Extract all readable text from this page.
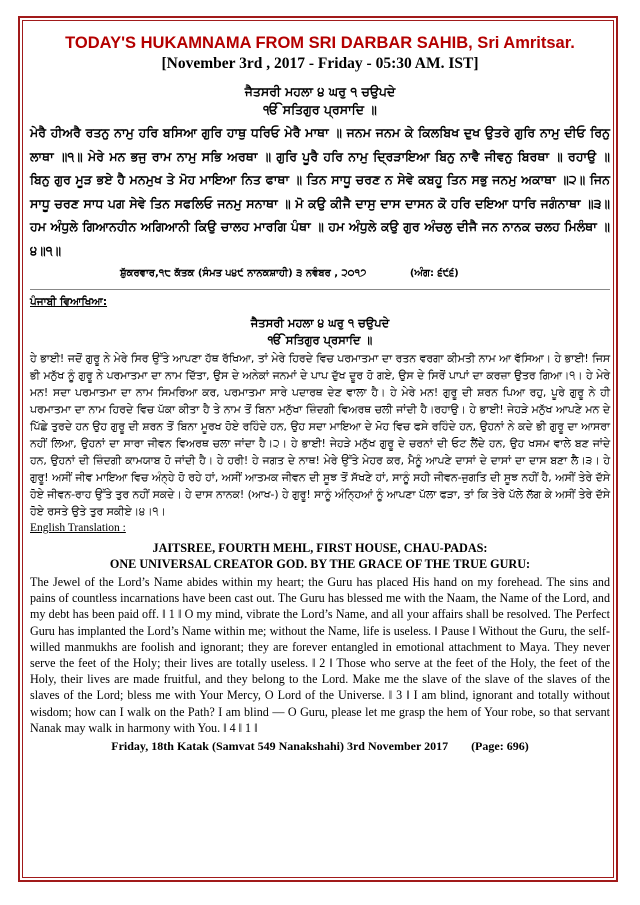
TODAY'S HUKAMNAMA FROM SRI DARBAR SAHIB, Sri Amritsar.
[November 3rd , 2017 - Friday - 05:30 AM. IST]
ਜੈਤਸਰੀ ਮਹਲਾ ੪ ਘਰੁ ੧ ਚਉਪਦੇ
ੴ ਸਤਿਗੁਰ ਪ੍ਰਸਾਦਿ ॥
ਮੇਰੈ ਹੀਅਰੈ ਰਤਨੁ ਨਾਮੁ ਹਰਿ ਬਸਿਆ ਗੁਰਿ ਹਾਥੁ ਧਰਿਓ ਮੇਰੈ ਮਾਥਾ ॥ ਜਨਮ ਜਨਮ ਕੇ ਕਿਲਬਿਖ ਦੁਖ ਉਤਰੇ ਗੁਰਿ ਨਾਮੁ ਦੀਓ ਰਿਨੁ ਲਾਥਾ ॥੧॥ ਮੇਰੇ ਮਨ ਭਜੁ ਰਾਮ ਨਾਮੁ ਸਭਿ ਅਰਥਾ ॥ ਗੁਰਿ ਪੂਰੈ ਹਰਿ ਨਾਮੁ ਦ੍ਰਿੜਾਇਆ ਬਿਨੁ ਨਾਵੈ ਜੀਵਨੁ ਬਿਰਥਾ ॥ ਰਹਾਉ ॥ ਬਿਨੁ ਗੁਰ ਮੂੜ ਭਏ ਹੈ ਮਨਮੁਖ ਤੇ ਮੋਹ ਮਾਇਆ ਨਿਤ ਫਾਥਾ ॥ ਤਿਨ ਸਾਧੂ ਚਰਣ ਨ ਸੇਵੇ ਕਬਹੂ ਤਿਨ ਸਭੁ ਜਨਮੁ ਅਕਾਥਾ ॥੨॥ ਜਿਨ ਸਾਧੂ ਚਰਣ ਸਾਧ ਪਗ ਸੇਵੇ ਤਿਨ ਸਫਲਿਓ ਜਨਮੁ ਸਨਾਥਾ ॥ ਮੋ ਕਉ ਕੀਜੈ ਦਾਸੁ ਦਾਸ ਦਾਸਨ ਕੋ ਹਰਿ ਦਇਆ ਧਾਰਿ ਜਗੰਨਾਥਾ ॥੩॥ ਹਮ ਅੰਧੁਲੇ ਗਿਆਨਹੀਨ ਅਗਿਆਨੀ ਕਿਉ ਚਾਲਹ ਮਾਰਗਿ ਪੰਥਾ ॥ ਹਮ ਅੰਧੁਲੇ ਕਉ ਗੁਰ ਅੰਚਲੁ ਦੀਜੈ ਜਨ ਨਾਨਕ ਚਲਹ ਮਿਲੰਥਾ ॥੪॥੧॥
ਸ਼ੁੱਕਰਵਾਰ,੧੮ ਕੱਤਕ (ਸੰਮਤ ੫੪੯ ਨਾਨਕਸ਼ਾਹੀ) ੩ ਨਵੰਬਰ , ੨੦੧੭	(ਅੰਗ: ੬੯੬)
ਪੰਜਾਬੀ ਵਿਆਖਿਆ:
ਜੈਤਸਰੀ ਮਹਲਾ ੪ ਘਰੁ ੧ ਚਉਪਦੇ
ੴ ਸਤਿਗੁਰ ਪ੍ਰਸਾਦਿ ॥
ਹੇ ਭਾਈ! ਜਦੋਂ ਗੁਰੂ ਨੇ ਮੇਰੇ ਸਿਰ ਉੱਤੇ ਆਪਣਾ ਹੱਥ ਰੱਖਿਆ, ਤਾਂ ਮੇਰੇ ਹਿਰਦੇ ਵਿਚ ਪਰਮਾਤਮਾ ਦਾ ਰਤਨ ਵਰਗਾ ਕੀਮਤੀ ਨਾਮ ਆ ਵੱਸਿਆ। ਹੇ ਭਾਈ! ਜਿਸ ਭੀ ਮਨੁੱਖ ਨੂੰ ਗੁਰੂ ਨੇ ਪਰਮਾਤਮਾ ਦਾ ਨਾਮ ਦਿੱਤਾ, ਉਸ ਦੇ ਅਨੇਕਾਂ ਜਨਮਾਂ ਦੇ ਪਾਪ ਦੁੱਖ ਦੂਰ ਹੋ ਗਏ, ਉਸ ਦੇ ਸਿਰੋਂ ਪਾਪਾਂ ਦਾ ਕਰਜ਼ਾ ਉਤਰ ਗਿਆ।੧। ਹੇ ਮੇਰੇ ਮਨ! ਸਦਾ ਪਰਮਾਤਮਾ ਦਾ ਨਾਮ ਸਿਮਰਿਆ ਕਰ, ਪਰਮਾਤਮਾ ਸਾਰੇ ਪਦਾਰਥ ਦੇਣ ਵਾਲਾ ਹੈ। ਹੇ ਮੇਰੇ ਮਨ! ਗੁਰੂ ਦੀ ਸ਼ਰਨ ਪਿਆ ਰਹੁ, ਪੂਰੇ ਗੁਰੂ ਨੇ ਹੀ ਪਰਮਾਤਮਾ ਦਾ ਨਾਮ ਹਿਰਦੇ ਵਿਚ ਪੱਕਾ ਕੀਤਾ ਹੈ ਤੇ ਨਾਮ ਤੋਂ ਬਿਨਾ ਮਨੁੱਖਾ ਜ਼ਿੰਦਗੀ ਵਿਅਰਥ ਚਲੀ ਜਾਂਦੀ ਹੈ।ਰਹਾਉ। ਹੇ ਭਾਈ! ਜੇਹੜੇ ਮਨੁੱਖ ਆਪਣੇ ਮਨ ਦੇ ਪਿੱਛੇ ਤੁਰਦੇ ਹਨ ਉਹ ਗੁਰੂ ਦੀ ਸ਼ਰਨ ਤੋਂ ਬਿਨਾ ਮੂਰਖ ਹੋਏ ਰਹਿੰਦੇ ਹਨ, ਉਹ ਸਦਾ ਮਾਇਆ ਦੇ ਮੋਹ ਵਿਚ ਫਸੇ ਰਹਿੰਦੇ ਹਨ, ਉਹਨਾਂ ਨੇ ਕਦੇ ਭੀ ਗੁਰੂ ਦਾ ਆਸਰਾ ਨਹੀਂ ਲਿਆ, ਉਹਨਾਂ ਦਾ ਸਾਰਾ ਜੀਵਨ ਵਿਅਰਥ ਚਲਾ ਜਾਂਦਾ ਹੈ।੨। ਹੇ ਭਾਈ! ਜੇਹੜੇ ਮਨੁੱਖ ਗੁਰੂ ਦੇ ਚਰਨਾਂ ਦੀ ਓਟ ਲੈਂਦੇ ਹਨ, ਉਹ ਖਸਮ ਵਾਲੇ ਬਣ ਜਾਂਦੇ ਹਨ, ਉਹਨਾਂ ਦੀ ਜ਼ਿੰਦਗੀ ਕਾਮਯਾਬ ਹੋ ਜਾਂਦੀ ਹੈ। ਹੇ ਹਰੀ! ਹੇ ਜਗਤ ਦੇ ਨਾਥ! ਮੇਰੇ ਉੱਤੇ ਮੇਹਰ ਕਰ, ਮੈਨੂੰ ਆਪਣੇ ਦਾਸਾਂ ਦੇ ਦਾਸਾਂ ਦਾ ਦਾਸ ਬਣਾ ਲੈ।੩। ਹੇ ਗੁਰੂ! ਅਸੀਂ ਜੀਵ ਮਾਇਆ ਵਿਚ ਅੰਨ੍ਹੇ ਹੋ ਰਹੇ ਹਾਂ, ਅਸੀਂ ਆਤਮਕ ਜੀਵਨ ਦੀ ਸੂਝ ਤੋਂ ਸੱਖਣੇ ਹਾਂ, ਸਾਨੂੰ ਸਹੀ ਜੀਵਨ-ਜੁਗਤਿ ਦੀ ਸੂਝ ਨਹੀਂ ਹੈ, ਅਸੀਂ ਤੇਰੇ ਦੱਸੇ ਹੋਏ ਜੀਵਨ-ਰਾਹ ਉੱਤੇ ਤੁਰ ਨਹੀਂ ਸਕਦੇ। ਹੇ ਦਾਸ ਨਾਨਕ! (ਆਖ-) ਹੇ ਗੁਰੂ! ਸਾਨੂੰ ਅੰਨ੍ਹਿਆਂ ਨੂੰ ਆਪਣਾ ਪੱਲਾ ਫੜਾ, ਤਾਂ ਕਿ ਤੇਰੇ ਪੱਲੇ ਲੱਗ ਕੇ ਅਸੀਂ ਤੇਰੇ ਦੱਸੇ ਹੋਏ ਰਸਤੇ ਉਤੇ ਤੁਰ ਸਕੀਏ।੪।੧।
English Translation :
JAITSREE, FOURTH MEHL, FIRST HOUSE, CHAU-PADAS:
ONE UNIVERSAL CREATOR GOD. BY THE GRACE OF THE TRUE GURU:
The Jewel of the Lord’s Name abides within my heart; the Guru has placed His hand on my forehead. The sins and pains of countless incarnations have been cast out. The Guru has blessed me with the Naam, the Name of the Lord, and my debt has been paid off. ‖ 1 ‖ O my mind, vibrate the Lord’s Name, and all your affairs shall be resolved. The Perfect Guru has implanted the Lord’s Name within me; without the Name, life is useless. ‖ Pause ‖ Without the Guru, the self-willed manmukhs are foolish and ignorant; they are forever entangled in emotional attachment to Maya. They never serve the feet of the Holy; their lives are totally useless. ‖ 2 ‖ Those who serve at the feet of the Holy, the feet of the Holy, their lives are made fruitful, and they belong to the Lord. Make me the slave of the slave of the slaves of the slaves of the Lord; bless me with Your Mercy, O Lord of the Universe. ‖ 3 ‖ I am blind, ignorant and totally without wisdom; how can I walk on the Path? I am blind — O Guru, please let me grasp the hem of Your robe, so that servant Nanak may walk in harmony with You. ‖ 4 ‖ 1 ‖
Friday, 18th Katak (Samvat 549 Nanakshahi) 3rd November 2017 (Page: 696)
